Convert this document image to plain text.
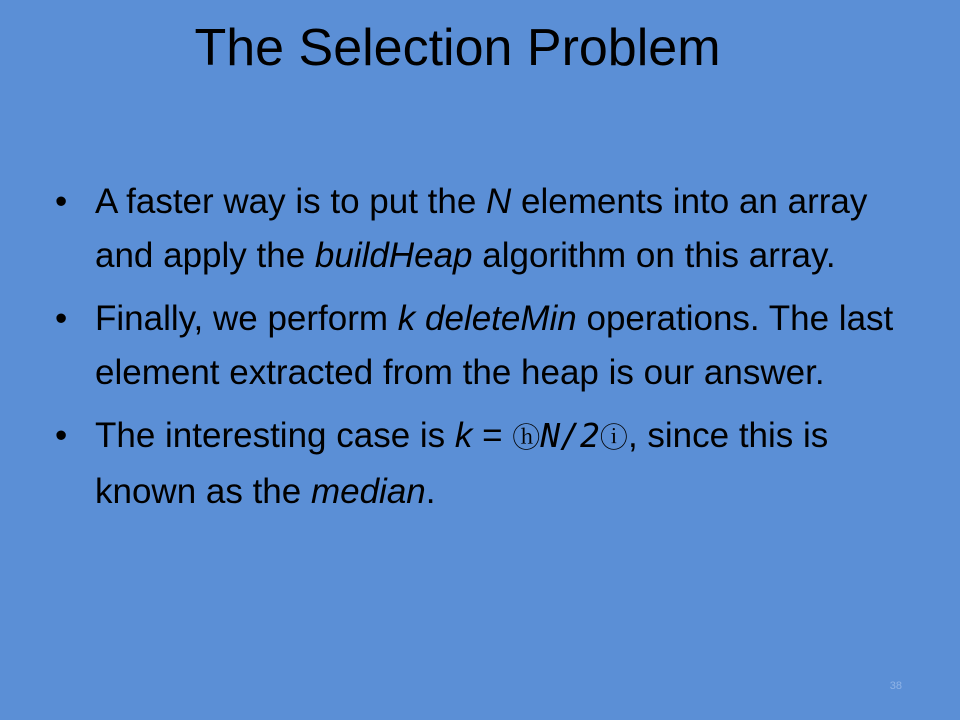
The Selection Problem
• A faster way is to put the N elements into an array and apply the buildHeap algorithm on this array.
• Finally, we perform k deleteMin operations. The last element extracted from the heap is our answer.
• The interesting case is k = ⓗN/2ⓘ, since this is known as the median.
38
